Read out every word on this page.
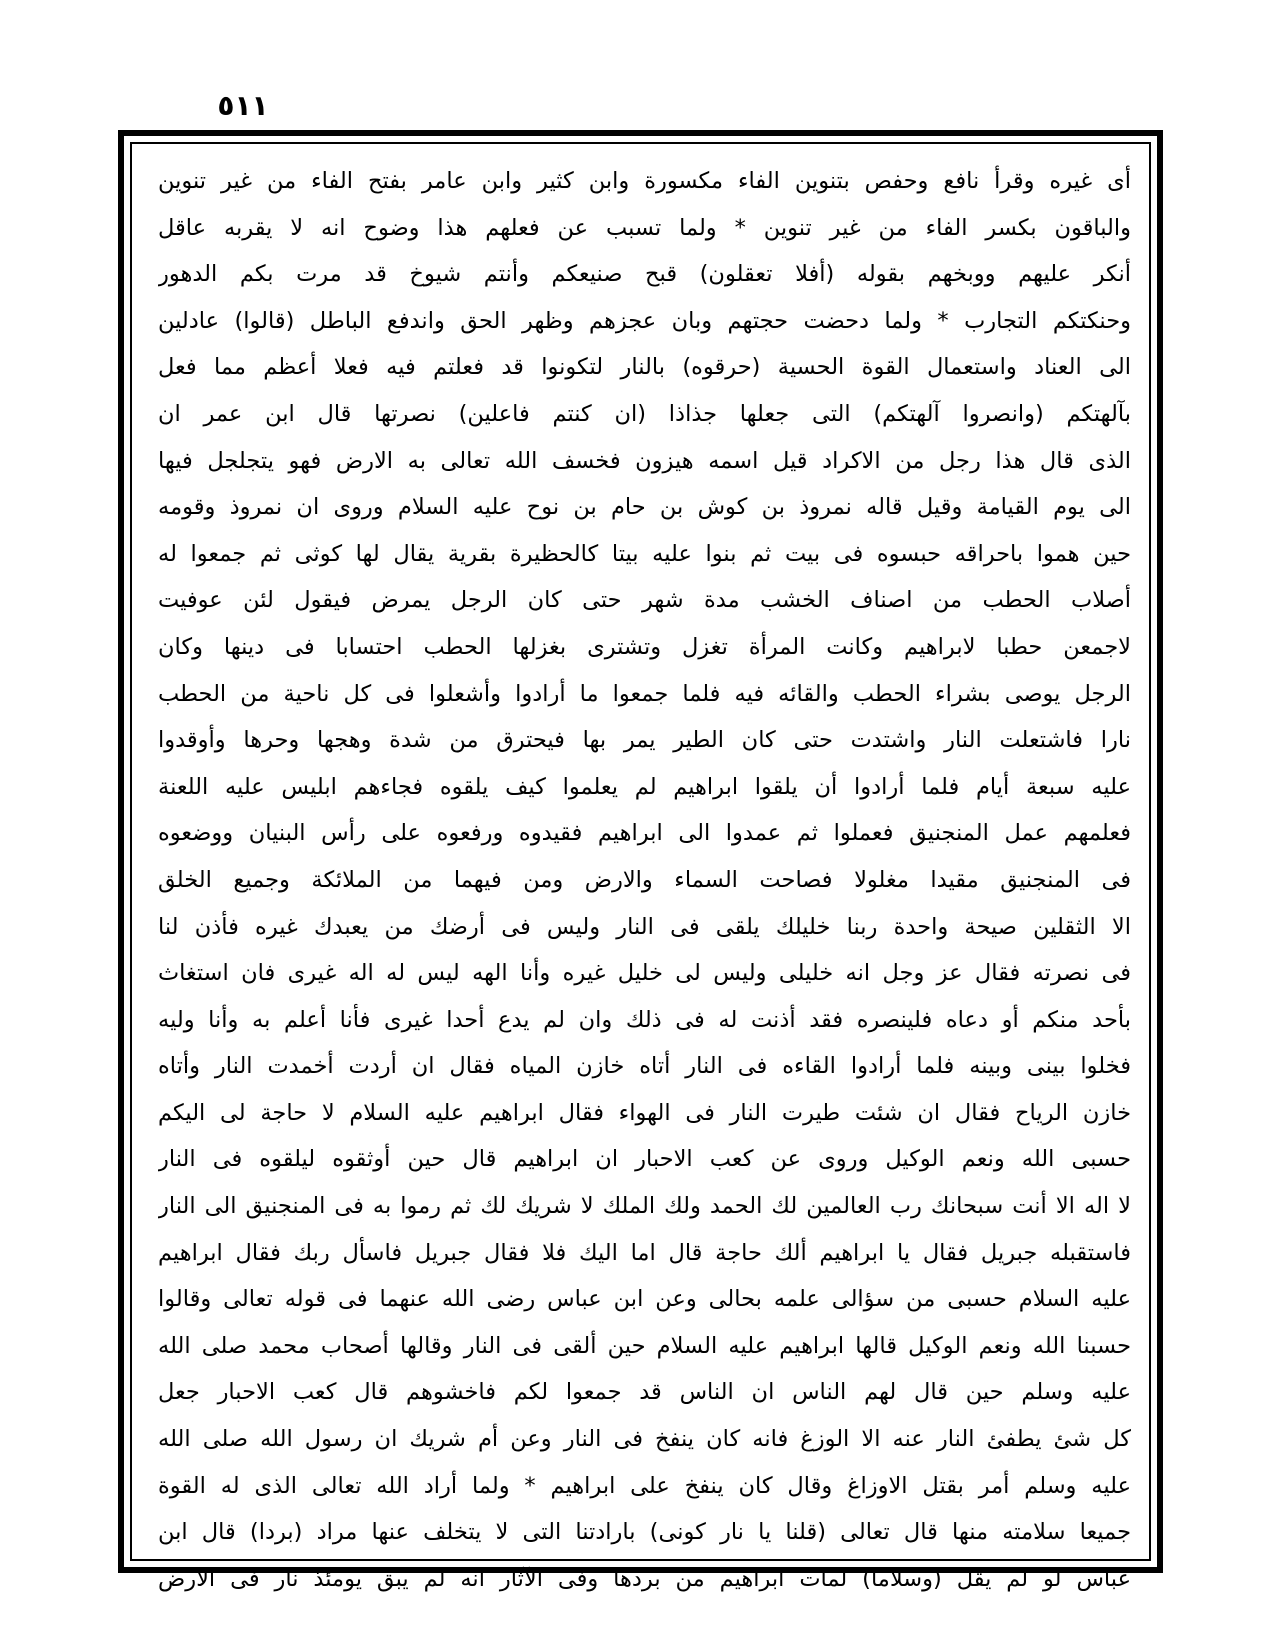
٥١١
أى غيره وقرأ نافع وحفص بتنوين الفاء مكسورة وابن كثير وابن عامر بفتح الفاء من غير تنوين
والباقون بكسر الفاء من غير تنوين * ولما تسبب عن فعلهم هذا وضوح انه لا يقربه عاقل
أنكر عليهم ووبخهم بقوله (أفلا تعقلون) قبح صنيعكم وأنتم شيوخ قد مرت بكم الدهور
وحنكتكم التجارب * ولما دحضت حجتهم وبان عجزهم وظهر الحق واندفع الباطل (قالوا) عادلين
الى العناد واستعمال القوة الحسية (حرقوه) بالنار لتكونوا قد فعلتم فيه فعلا أعظم مما فعل
بآلهتكم (وانصروا آلهتكم) التى جعلها جذاذا (ان كنتم فاعلين) نصرتها قال ابن عمر ان
الذى قال هذا رجل من الاكراد قيل اسمه هيزون فخسف الله تعالى به الارض فهو يتجلجل فيها
الى يوم القيامة وقيل قاله نمروذ بن كوش بن حام بن نوح عليه السلام وروى ان نمروذ وقومه
حين هموا باحراقه حبسوه فى بيت ثم بنوا عليه بيتا كالحظيرة بقرية يقال لها كوثى ثم جمعوا له
أصلاب الحطب من اصناف الخشب مدة شهر حتى كان الرجل يمرض فيقول لئن عوفيت
لاجمعن حطبا لابراهيم وكانت المرأة تغزل وتشترى بغزلها الحطب احتسابا فى دينها وكان
الرجل يوصى بشراء الحطب والقائه فيه فلما جمعوا ما أرادوا وأشعلوا فى كل ناحية من الحطب
نارا فاشتعلت النار واشتدت حتى كان الطير يمر بها فيحترق من شدة وهجها وحرها وأوقدوا
عليه سبعة أيام فلما أرادوا أن يلقوا ابراهيم لم يعلموا كيف يلقوه فجاءهم ابليس عليه اللعنة
فعلمهم عمل المنجنيق فعملوا ثم عمدوا الى ابراهيم فقيدوه ورفعوه على رأس البنيان ووضعوه
فى المنجنيق مقيدا مغلولا فصاحت السماء والارض ومن فيهما من الملائكة وجميع الخلق
الا الثقلين صيحة واحدة ربنا خليلك يلقى فى النار وليس فى أرضك من يعبدك غيره فأذن لنا
فى نصرته فقال عز وجل انه خليلى وليس لى خليل غيره وأنا الهه ليس له اله غيرى فان استغاث
بأحد منكم أو دعاه فلينصره فقد أذنت له فى ذلك وان لم يدع أحدا غيرى فأنا أعلم به وأنا وليه
فخلوا بينى وبينه فلما أرادوا القاءه فى النار أتاه خازن المياه فقال ان أردت أخمدت النار وأتاه
خازن الرياح فقال ان شئت طيرت النار فى الهواء فقال ابراهيم عليه السلام لا حاجة لى اليكم
حسبى الله ونعم الوكيل وروى عن كعب الاحبار ان ابراهيم قال حين أوثقوه ليلقوه فى النار
لا اله الا أنت سبحانك رب العالمين لك الحمد ولك الملك لا شريك لك ثم رموا به فى المنجنيق الى النار
فاستقبله جبريل فقال يا ابراهيم ألك حاجة قال اما اليك فلا فقال جبريل فاسأل ربك فقال ابراهيم
عليه السلام حسبى من سؤالى علمه بحالى وعن ابن عباس رضى الله عنهما فى قوله تعالى وقالوا
حسبنا الله ونعم الوكيل قالها ابراهيم عليه السلام حين ألقى فى النار وقالها أصحاب محمد صلى الله
عليه وسلم حين قال لهم الناس ان الناس قد جمعوا لكم فاخشوهم قال كعب الاحبار جعل
كل شئ يطفئ النار عنه الا الوزغ فانه كان ينفخ فى النار وعن أم شريك ان رسول الله صلى الله
عليه وسلم أمر بقتل الاوزاغ وقال كان ينفخ على ابراهيم * ولما أراد الله تعالى الذى له القوة
جميعا سلامته منها قال تعالى (قلنا يا نار كونى) بارادتنا التى لا يتخلف عنها مراد (بردا) قال ابن
عباس لو لم يقل (وسلاما) لمات ابراهيم من بردها وفى الآثار انه لم يبق يومئذ نار فى الارض
